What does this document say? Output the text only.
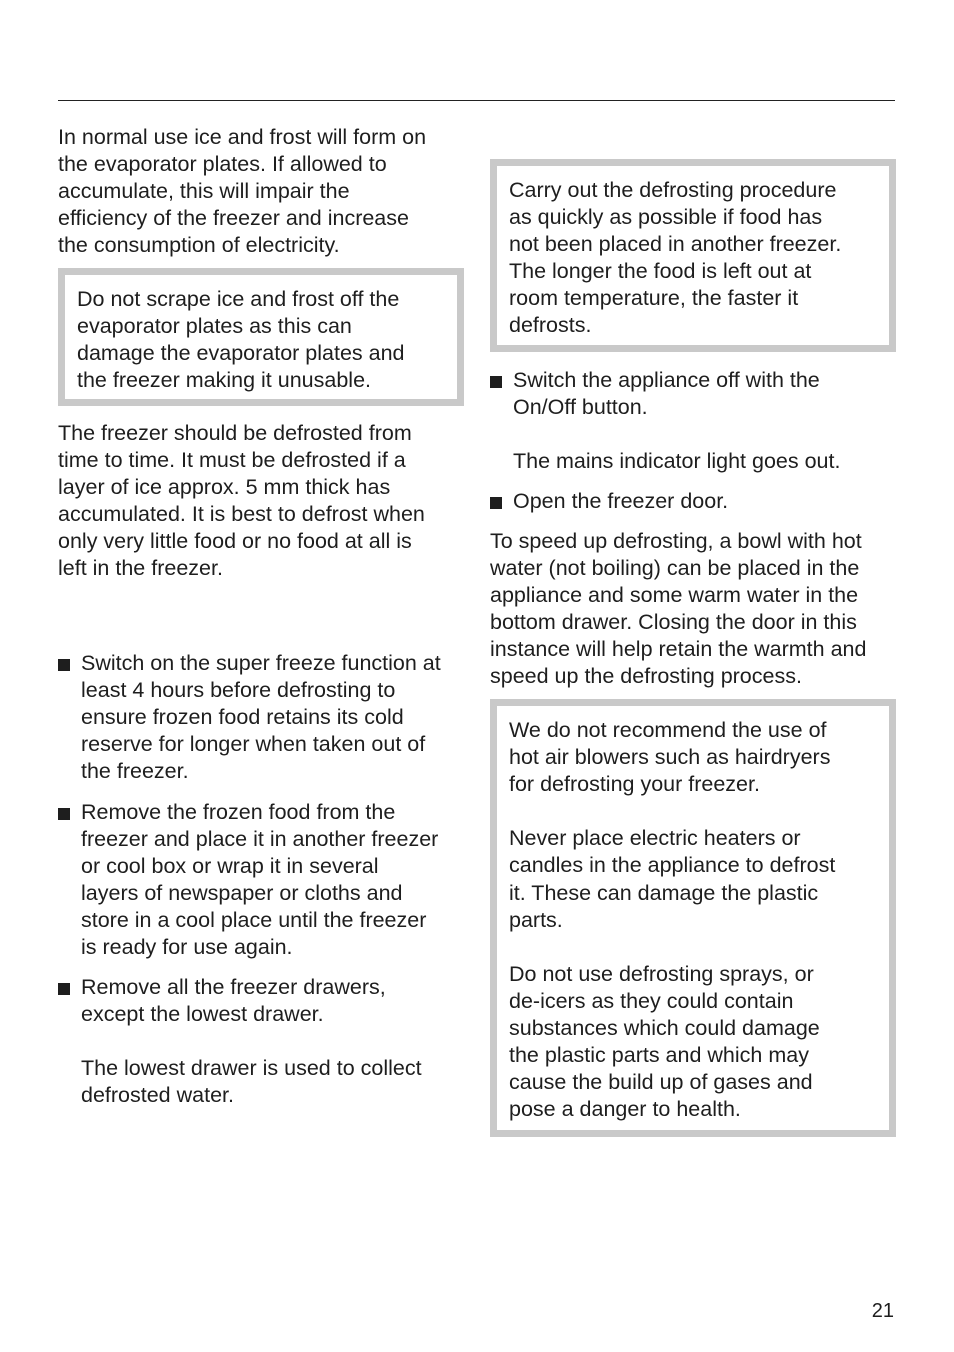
In normal use ice and frost will form on
the evaporator plates. If allowed to
accumulate, this will impair the
efficiency of the freezer and increase
the consumption of electricity.

Do not scrape ice and frost off the
evaporator plates as this can
damage the evaporator plates and
the freezer making it unusable.

The freezer should be defrosted from
time to time. It must be defrosted if a
layer of ice approx. 5 mm thick has
accumulated. It is best to defrost when
only very little food or no food at all is
left in the freezer.

Switch on the super freeze function at
least 4 hours before defrosting to
ensure frozen food retains its cold
reserve for longer when taken out of
the freezer.
Remove the frozen food from the
freezer and place it in another freezer
or cool box or wrap it in several
layers of newspaper or cloths and
store in a cool place until the freezer
is ready for use again.
Remove all the freezer drawers,
except the lowest drawer.

The lowest drawer is used to collect
defrosted water.
Carry out the defrosting procedure
as quickly as possible if food has
not been placed in another freezer.
The longer the food is left out at
room temperature, the faster it
defrosts.
Switch the appliance off with the
On/Off button.

The mains indicator light goes out.
Open the freezer door.

To speed up defrosting, a bowl with hot
water (not boiling) can be placed in the
appliance and some warm water in the
bottom drawer. Closing the door in this
instance will help retain the warmth and
speed up the defrosting process.

We do not recommend the use of
hot air blowers such as hairdryers
for defrosting your freezer.

Never place electric heaters or
candles in the appliance to defrost
it. These can damage the plastic
parts.

Do not use defrosting sprays, or
de-icers as they could contain
substances which could damage
the plastic parts and which may
cause the build up of gases and
pose a danger to health.
21
